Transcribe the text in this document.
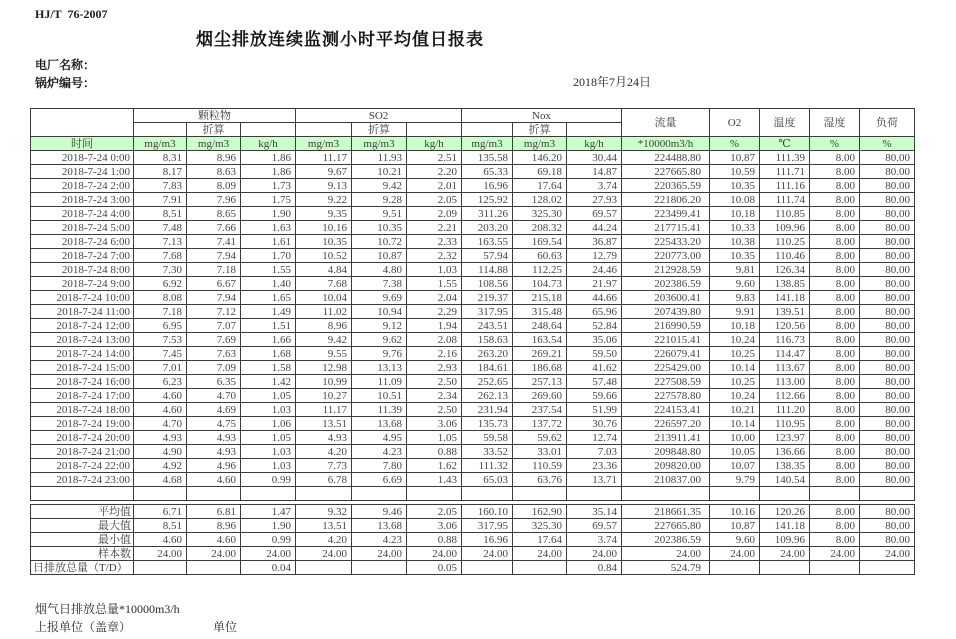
HJ/T  76-2007
烟尘排放连续监测小时平均值日报表
电厂名称：
锅炉编号：	2018年7月24日
	颗粒物			SO2			Nox			流量	O2	温度	湿度	负荷
		折算			折算			折算						
时间	mg/m3	mg/m3	kg/h	mg/m3	mg/m3	kg/h	mg/m3	mg/m3	kg/h	*10000m3/h	%	℃	%	%
2018-7-24 0:00	8.31	8.96	1.86	11.17	11.93	2.51	135.58	146.20	30.44	224488.80	10.87	111.39	8.00	80.00
2018-7-24 1:00	8.17	8.63	1.86	9.67	10.21	2.20	65.33	69.18	14.87	227665.80	10.59	111.71	8.00	80.00
2018-7-24 2:00	7.83	8.09	1.73	9.13	9.42	2.01	16.96	17.64	3.74	220365.59	10.35	111.16	8.00	80.00
2018-7-24 3:00	7.91	7.96	1.75	9.22	9.28	2.05	125.92	128.02	27.93	221806.20	10.08	111.74	8.00	80.00
2018-7-24 4:00	8.51	8.65	1.90	9.35	9.51	2.09	311.26	325.30	69.57	223499.41	10.18	110.85	8.00	80.00
2018-7-24 5:00	7.48	7.66	1.63	10.16	10.35	2.21	203.20	208.32	44.24	217715.41	10.33	109.96	8.00	80.00
2018-7-24 6:00	7.13	7.41	1.61	10.35	10.72	2.33	163.55	169.54	36.87	225433.20	10.38	110.25	8.00	80.00
2018-7-24 7:00	7.68	7.94	1.70	10.52	10.87	2.32	57.94	60.63	12.79	220773.00	10.35	110.46	8.00	80.00
2018-7-24 8:00	7.30	7.18	1.55	4.84	4.80	1.03	114.88	112.25	24.46	212928.59	9.81	126.34	8.00	80.00
2018-7-24 9:00	6.92	6.67	1.40	7.68	7.38	1.55	108.56	104.73	21.97	202386.59	9.60	138.85	8.00	80.00
2018-7-24 10:00	8.08	7.94	1.65	10.04	9.69	2.04	219.37	215.18	44.66	203600.41	9.83	141.18	8.00	80.00
2018-7-24 11:00	7.18	7.12	1.49	11.02	10.94	2.29	317.95	315.48	65.96	207439.80	9.91	139.51	8.00	80.00
2018-7-24 12:00	6.95	7.07	1.51	8.96	9.12	1.94	243.51	248.64	52.84	216990.59	10.18	120.56	8.00	80.00
2018-7-24 13:00	7.53	7.69	1.66	9.42	9.62	2.08	158.63	163.54	35.06	221015.41	10.24	116.73	8.00	80.00
2018-7-24 14:00	7.45	7.63	1.68	9.55	9.76	2.16	263.20	269.21	59.50	226079.41	10.25	114.47	8.00	80.00
2018-7-24 15:00	7.01	7.09	1.58	12.98	13.13	2.93	184.61	186.68	41.62	225429.00	10.14	113.67	8.00	80.00
2018-7-24 16:00	6.23	6.35	1.42	10.99	11.09	2.50	252.65	257.13	57.48	227508.59	10.25	113.00	8.00	80.00
2018-7-24 17:00	4.60	4.70	1.05	10.27	10.51	2.34	262.13	269.60	59.66	227578.80	10.24	112.66	8.00	80.00
2018-7-24 18:00	4.60	4.69	1.03	11.17	11.39	2.50	231.94	237.54	51.99	224153.41	10.21	111.20	8.00	80.00
2018-7-24 19:00	4.70	4.75	1.06	13.51	13.68	3.06	135.73	137.72	30.76	226597.20	10.14	110.95	8.00	80.00
2018-7-24 20:00	4.93	4.93	1.05	4.93	4.95	1.05	59.58	59.62	12.74	213911.41	10.00	123.97	8.00	80.00
2018-7-24 21:00	4.90	4.93	1.03	4.20	4.23	0.88	33.52	33.01	7.03	209848.80	10.05	136.66	8.00	80.00
2018-7-24 22:00	4.92	4.96	1.03	7.73	7.80	1.62	111.32	110.59	23.36	209820.00	10.07	138.35	8.00	80.00
2018-7-24 23:00	4.68	4.60	0.99	6.78	6.69	1.43	65.03	63.76	13.71	210837.00	9.79	140.54	8.00	80.00

平均值	6.71	6.81	1.47	9.32	9.46	2.05	160.10	162.90	35.14	218661.35	10.16	120.26	8.00	80.00
最大值	8.51	8.96	1.90	13.51	13.68	3.06	317.95	325.30	69.57	227665.80	10.87	141.18	8.00	80.00
最小值	4.60	4.60	0.99	4.20	4.23	0.88	16.96	17.64	3.74	202386.59	9.60	109.96	8.00	80.00
样本数	24.00	24.00	24.00	24.00	24.00	24.00	24.00	24.00	24.00	24.00	24.00	24.00	24.00	24.00
日排放总量（T/D）			0.04			0.05			0.84	524.79				
烟气日排放总量*10000m3/h
上报单位（盖章）	单位
